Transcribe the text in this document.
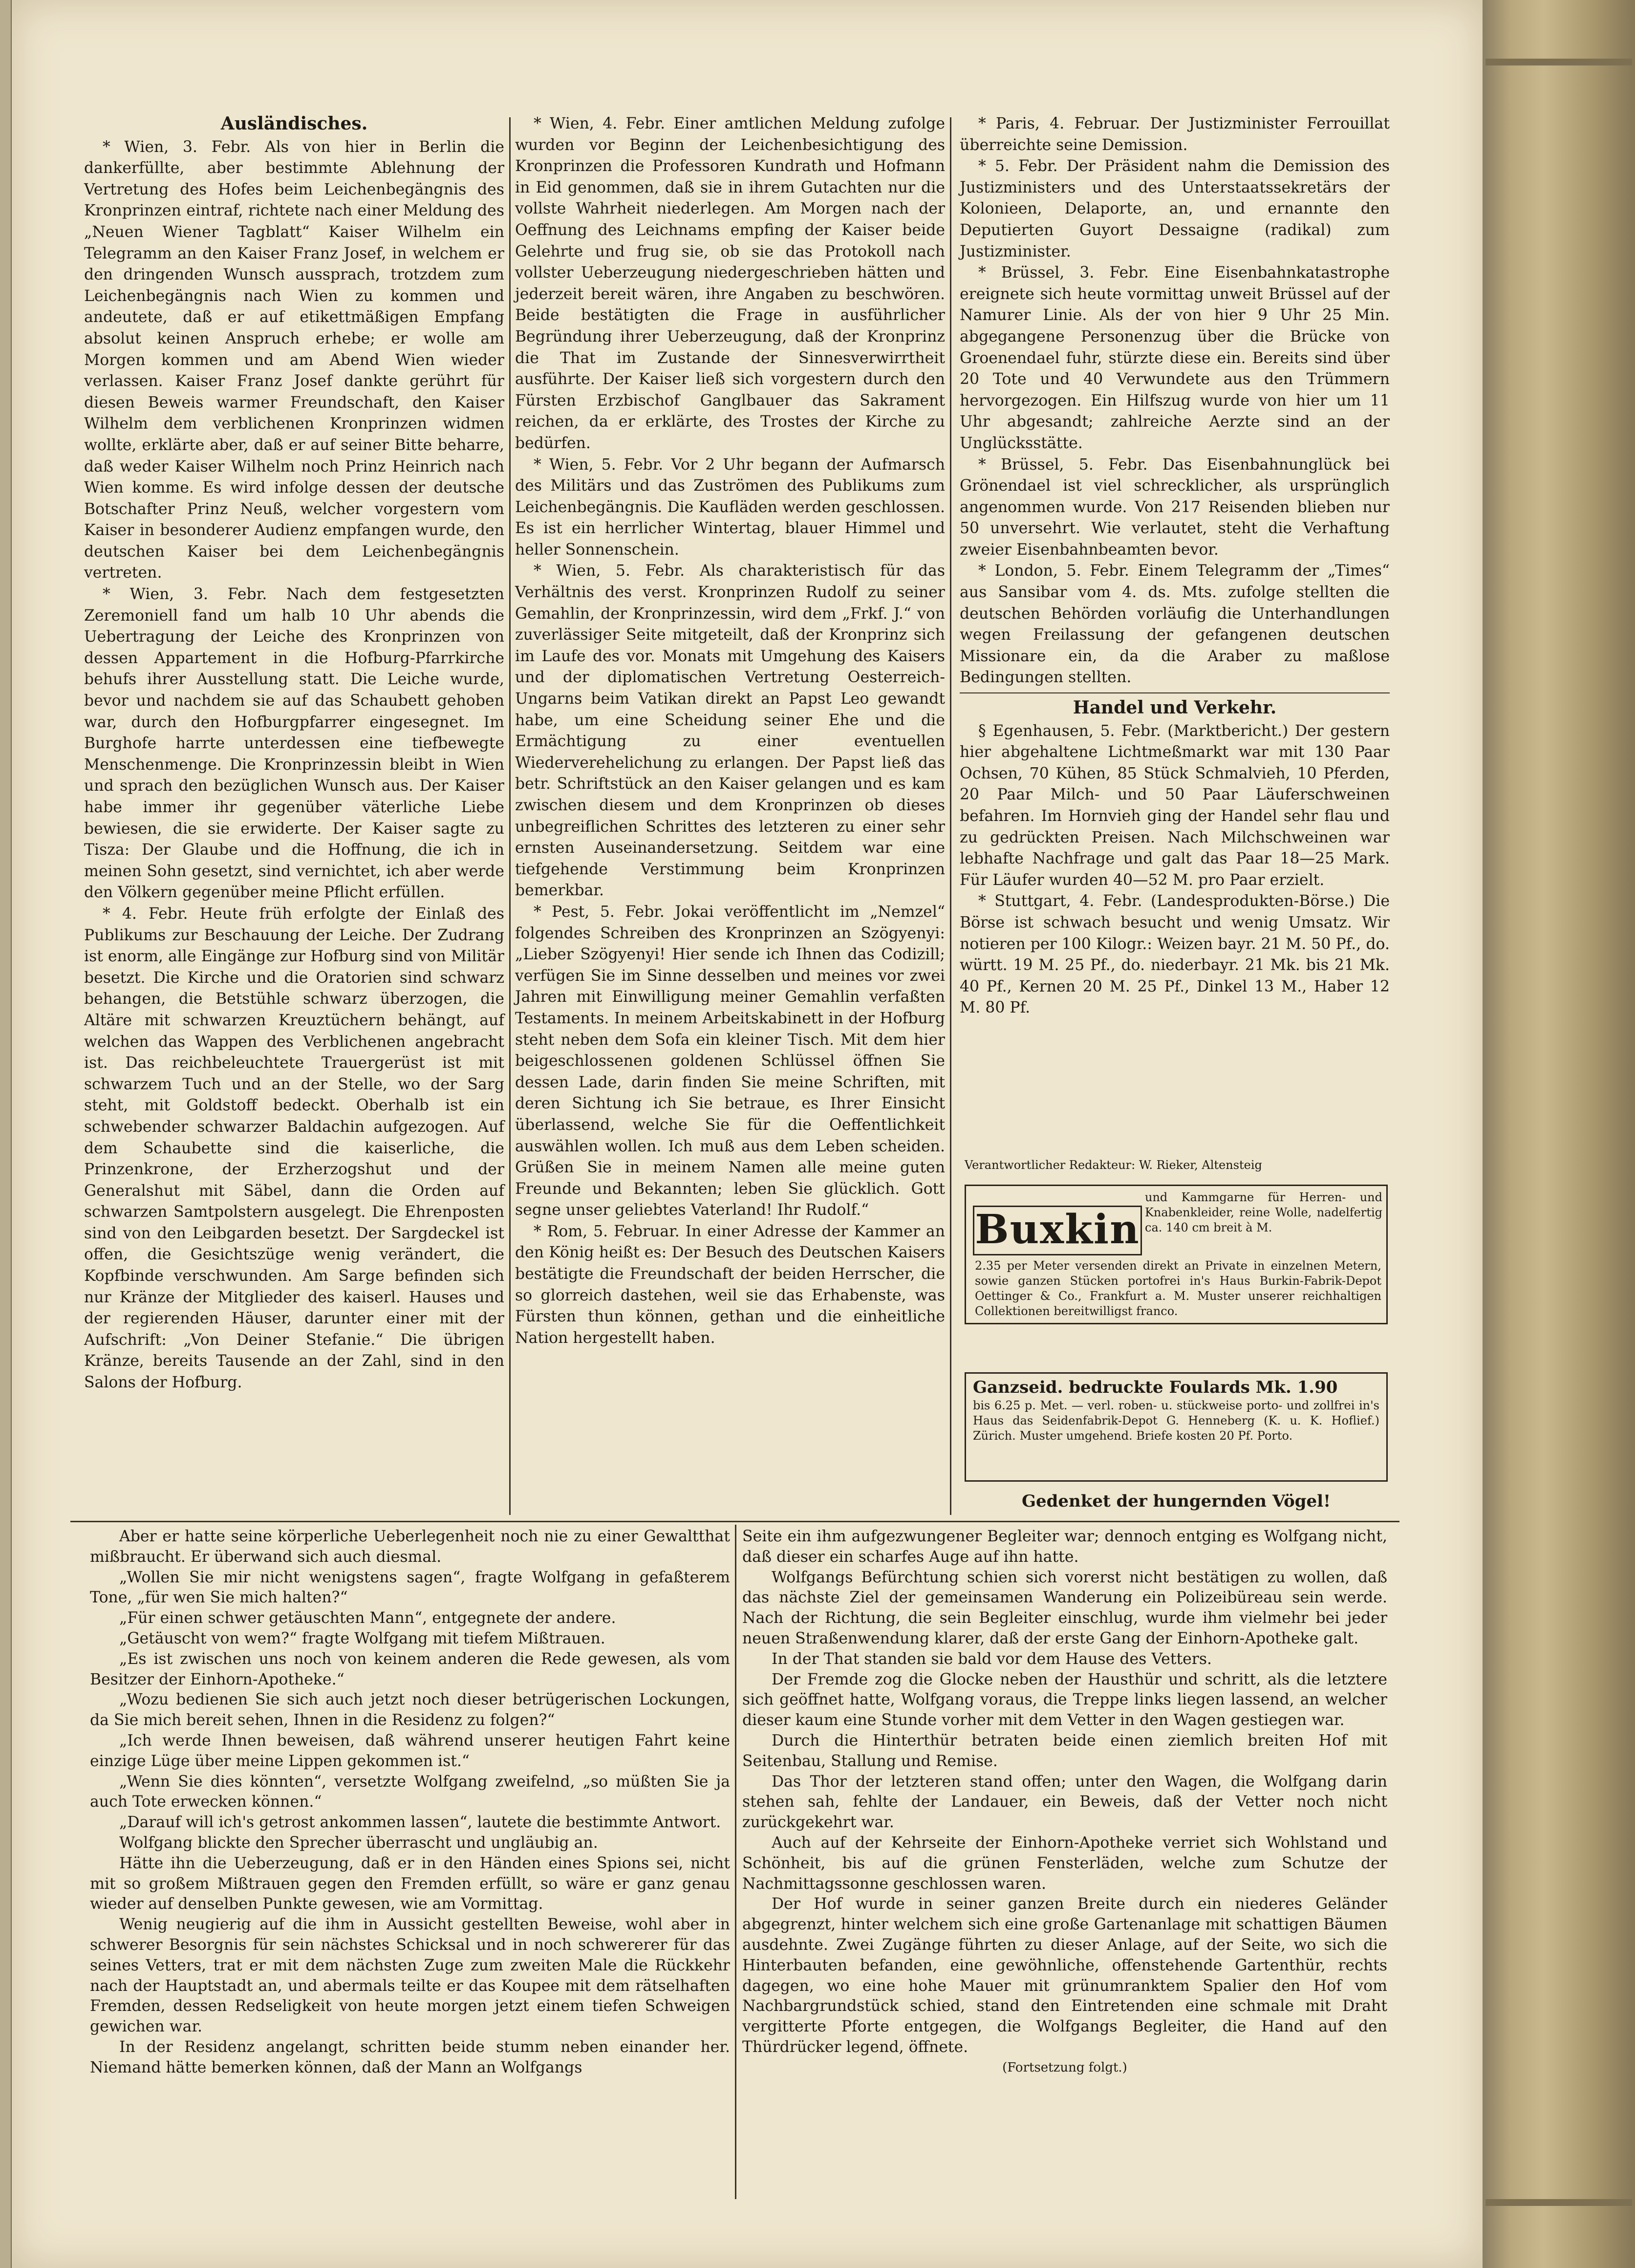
Ausländisches.

* Wien, 3. Febr. Als von hier in Berlin die dankerfüllte, aber bestimmte Ablehnung der Vertretung des Hofes beim Leichenbegängnis des Kronprinzen eintraf, richtete nach einer Meldung des „Neuen Wiener Tagblatt“ Kaiser Wilhelm ein Telegramm an den Kaiser Franz Josef, in welchem er den dringenden Wunsch aussprach, trotzdem zum Leichenbegängnis nach Wien zu kommen und andeutete, daß er auf etikettmäßigen Empfang absolut keinen Anspruch erhebe; er wolle am Morgen kommen und am Abend Wien wieder verlassen. Kaiser Franz Josef dankte gerührt für diesen Beweis warmer Freundschaft, den Kaiser Wilhelm dem verblichenen Kronprinzen widmen wollte, erklärte aber, daß er auf seiner Bitte beharre, daß weder Kaiser Wilhelm noch Prinz Heinrich nach Wien komme. Es wird infolge dessen der deutsche Botschafter Prinz Neuß, welcher vorgestern vom Kaiser in besonderer Audienz empfangen wurde, den deutschen Kaiser bei dem Leichenbegängnis vertreten.

* Wien, 3. Febr. Nach dem festgesetzten Zeremoniell fand um halb 10 Uhr abends die Uebertragung der Leiche des Kronprinzen von dessen Appartement in die Hofburg-Pfarrkirche behufs ihrer Ausstellung statt. Die Leiche wurde, bevor und nachdem sie auf das Schaubett gehoben war, durch den Hofburgpfarrer eingesegnet. Im Burghofe harrte unterdessen eine tiefbewegte Menschenmenge. Die Kronprinzessin bleibt in Wien und sprach den bezüglichen Wunsch aus. Der Kaiser habe immer ihr gegenüber väterliche Liebe bewiesen, die sie erwiderte. Der Kaiser sagte zu Tisza: Der Glaube und die Hoffnung, die ich in meinen Sohn gesetzt, sind vernichtet, ich aber werde den Völkern gegenüber meine Pflicht erfüllen.

* 4. Febr. Heute früh erfolgte der Einlaß des Publikums zur Beschauung der Leiche. Der Zudrang ist enorm, alle Eingänge zur Hofburg sind von Militär besetzt. Die Kirche und die Oratorien sind schwarz behangen, die Betstühle schwarz überzogen, die Altäre mit schwarzen Kreuztüchern behängt, auf welchen das Wappen des Verblichenen angebracht ist. Das reichbeleuchtete Trauergerüst ist mit schwarzem Tuch und an der Stelle, wo der Sarg steht, mit Goldstoff bedeckt. Oberhalb ist ein schwebender schwarzer Baldachin aufgezogen. Auf dem Schaubette sind die kaiserliche, die Prinzenkrone, der Erzherzogshut und der Generalshut mit Säbel, dann die Orden auf schwarzen Samtpolstern ausgelegt. Die Ehrenposten sind von den Leibgarden besetzt. Der Sargdeckel ist offen, die Gesichtszüge wenig verändert, die Kopfbinde verschwunden. Am Sarge befinden sich nur Kränze der Mitglieder des kaiserl. Hauses und der regierenden Häuser, darunter einer mit der Aufschrift: „Von Deiner Stefanie.“ Die übrigen Kränze, bereits Tausende an der Zahl, sind in den Salons der Hofburg.

* Wien, 4. Febr. Einer amtlichen Meldung zufolge wurden vor Beginn der Leichenbesichtigung des Kronprinzen die Professoren Kundrath und Hofmann in Eid genommen, daß sie in ihrem Gutachten nur die vollste Wahrheit niederlegen. Am Morgen nach der Oeffnung des Leichnams empfing der Kaiser beide Gelehrte und frug sie, ob sie das Protokoll nach vollster Ueberzeugung niedergeschrieben hätten und jederzeit bereit wären, ihre Angaben zu beschwören. Beide bestätigten die Frage in ausführlicher Begründung ihrer Ueberzeugung, daß der Kronprinz die That im Zustande der Sinnesverwirrtheit ausführte. Der Kaiser ließ sich vorgestern durch den Fürsten Erzbischof Ganglbauer das Sakrament reichen, da er erklärte, des Trostes der Kirche zu bedürfen.

* Wien, 5. Febr. Vor 2 Uhr begann der Aufmarsch des Militärs und das Zuströmen des Publikums zum Leichenbegängnis. Die Kaufläden werden geschlossen. Es ist ein herrlicher Wintertag, blauer Himmel und heller Sonnenschein.

* Wien, 5. Febr. Als charakteristisch für das Verhältnis des verst. Kronprinzen Rudolf zu seiner Gemahlin, der Kronprinzessin, wird dem „Frkf. J.“ von zuverlässiger Seite mitgeteilt, daß der Kronprinz sich im Laufe des vor. Monats mit Umgehung des Kaisers und der diplomatischen Vertretung Oesterreich-Ungarns beim Vatikan direkt an Papst Leo gewandt habe, um eine Scheidung seiner Ehe und die Ermächtigung zu einer eventuellen Wiederverehelichung zu erlangen. Der Papst ließ das betr. Schriftstück an den Kaiser gelangen und es kam zwischen diesem und dem Kronprinzen ob dieses unbegreiflichen Schrittes des letzteren zu einer sehr ernsten Auseinandersetzung. Seitdem war eine tiefgehende Verstimmung beim Kronprinzen bemerkbar.

* Pest, 5. Febr. Jokai veröffentlicht im „Nemzel“ folgendes Schreiben des Kronprinzen an Szögyenyi: „Lieber Szögyenyi! Hier sende ich Ihnen das Codizill; verfügen Sie im Sinne desselben und meines vor zwei Jahren mit Einwilligung meiner Gemahlin verfaßten Testaments. In meinem Arbeitskabinett in der Hofburg steht neben dem Sofa ein kleiner Tisch. Mit dem hier beigeschlossenen goldenen Schlüssel öffnen Sie dessen Lade, darin finden Sie meine Schriften, mit deren Sichtung ich Sie betraue, es Ihrer Einsicht überlassend, welche Sie für die Oeffentlichkeit auswählen wollen. Ich muß aus dem Leben scheiden. Grüßen Sie in meinem Namen alle meine guten Freunde und Bekannten; leben Sie glücklich. Gott segne unser geliebtes Vaterland! Ihr Rudolf.“

* Rom, 5. Februar. In einer Adresse der Kammer an den König heißt es: Der Besuch des Deutschen Kaisers bestätigte die Freundschaft der beiden Herrscher, die so glorreich dastehen, weil sie das Erhabenste, was Fürsten thun können, gethan und die einheitliche Nation hergestellt haben.

* Paris, 4. Februar. Der Justizminister Ferrouillat überreichte seine Demission.

* 5. Febr. Der Präsident nahm die Demission des Justizministers und des Unterstaatssekretärs der Kolonieen, Delaporte, an, und ernannte den Deputierten Guyort Dessaigne (radikal) zum Justizminister.

* Brüssel, 3. Febr. Eine Eisenbahnkatastrophe ereignete sich heute vormittag unweit Brüssel auf der Namurer Linie. Als der von hier 9 Uhr 25 Min. abgegangene Personenzug über die Brücke von Groenendael fuhr, stürzte diese ein. Bereits sind über 20 Tote und 40 Verwundete aus den Trümmern hervorgezogen. Ein Hilfszug wurde von hier um 11 Uhr abgesandt; zahlreiche Aerzte sind an der Unglücksstätte.

* Brüssel, 5. Febr. Das Eisenbahnunglück bei Grönendael ist viel schrecklicher, als ursprünglich angenommen wurde. Von 217 Reisenden blieben nur 50 unversehrt. Wie verlautet, steht die Verhaftung zweier Eisenbahnbeamten bevor.

* London, 5. Febr. Einem Telegramm der „Times“ aus Sansibar vom 4. ds. Mts. zufolge stellten die deutschen Behörden vorläufig die Unterhandlungen wegen Freilassung der gefangenen deutschen Missionare ein, da die Araber zu maßlose Bedingungen stellten.

Handel und Verkehr.

§ Egenhausen, 5. Febr. (Marktbericht.) Der gestern hier abgehaltene Lichtmeßmarkt war mit 130 Paar Ochsen, 70 Kühen, 85 Stück Schmalvieh, 10 Pferden, 20 Paar Milch- und 50 Paar Läuferschweinen befahren. Im Hornvieh ging der Handel sehr flau und zu gedrückten Preisen. Nach Milchschweinen war lebhafte Nachfrage und galt das Paar 18—25 Mark. Für Läufer wurden 40—52 M. pro Paar erzielt.

* Stuttgart, 4. Febr. (Landesprodukten-Börse.) Die Börse ist schwach besucht und wenig Umsatz. Wir notieren per 100 Kilogr.: Weizen bayr. 21 M. 50 Pf., do. württ. 19 M. 25 Pf., do. niederbayr. 21 Mk. bis 21 Mk. 40 Pf., Kernen 20 M. 25 Pf., Dinkel 13 M., Haber 12 M. 80 Pf.

Verantwortlicher Redakteur: W. Rieker, Altensteig
Buxkin
und Kammgarne für Herren- und Knabenkleider, reine Wolle, nadelfertig ca. 140 cm breit à M.
2.35 per Meter versenden direkt an Private in einzelnen Metern, sowie ganzen Stücken portofrei in's Haus Burkin-Fabrik-Depot Oettinger & Co., Frankfurt a. M. Muster unserer reichhaltigen Collektionen bereitwilligst franco.
Ganzseid. bedruckte Foulards Mk. 1.90
bis 6.25 p. Met. — verl. roben- u. stückweise porto- und zollfrei in's Haus das Seidenfabrik-Depot G. Henneberg (K. u. K. Hoflief.) Zürich. Muster umgehend. Briefe kosten 20 Pf. Porto.
Gedenket der hungernden Vögel!

Aber er hatte seine körperliche Ueberlegenheit noch nie zu einer Gewaltthat mißbraucht. Er überwand sich auch diesmal.

„Wollen Sie mir nicht wenigstens sagen“, fragte Wolfgang in gefaßterem Tone, „für wen Sie mich halten?“

„Für einen schwer getäuschten Mann“, entgegnete der andere.

„Getäuscht von wem?“ fragte Wolfgang mit tiefem Mißtrauen.

„Es ist zwischen uns noch von keinem anderen die Rede gewesen, als vom Besitzer der Einhorn-Apotheke.“

„Wozu bedienen Sie sich auch jetzt noch dieser betrügerischen Lockungen, da Sie mich bereit sehen, Ihnen in die Residenz zu folgen?“

„Ich werde Ihnen beweisen, daß während unserer heutigen Fahrt keine einzige Lüge über meine Lippen gekommen ist.“

„Wenn Sie dies könnten“, versetzte Wolfgang zweifelnd, „so müßten Sie ja auch Tote erwecken können.“

„Darauf will ich's getrost ankommen lassen“, lautete die bestimmte Antwort.

Wolfgang blickte den Sprecher überrascht und ungläubig an.

Hätte ihn die Ueberzeugung, daß er in den Händen eines Spions sei, nicht mit so großem Mißtrauen gegen den Fremden erfüllt, so wäre er ganz genau wieder auf denselben Punkte gewesen, wie am Vormittag.

Wenig neugierig auf die ihm in Aussicht gestellten Beweise, wohl aber in schwerer Besorgnis für sein nächstes Schicksal und in noch schwererer für das seines Vetters, trat er mit dem nächsten Zuge zum zweiten Male die Rückkehr nach der Hauptstadt an, und abermals teilte er das Koupee mit dem rätselhaften Fremden, dessen Redseligkeit von heute morgen jetzt einem tiefen Schweigen gewichen war.

In der Residenz angelangt, schritten beide stumm neben einander her. Niemand hätte bemerken können, daß der Mann an Wolfgangs

Seite ein ihm aufgezwungener Begleiter war; dennoch entging es Wolfgang nicht, daß dieser ein scharfes Auge auf ihn hatte.

Wolfgangs Befürchtung schien sich vorerst nicht bestätigen zu wollen, daß das nächste Ziel der gemeinsamen Wanderung ein Polizeibüreau sein werde. Nach der Richtung, die sein Begleiter einschlug, wurde ihm vielmehr bei jeder neuen Straßenwendung klarer, daß der erste Gang der Einhorn-Apotheke galt.

In der That standen sie bald vor dem Hause des Vetters.

Der Fremde zog die Glocke neben der Hausthür und schritt, als die letztere sich geöffnet hatte, Wolfgang voraus, die Treppe links liegen lassend, an welcher dieser kaum eine Stunde vorher mit dem Vetter in den Wagen gestiegen war.

Durch die Hinterthür betraten beide einen ziemlich breiten Hof mit Seitenbau, Stallung und Remise.

Das Thor der letzteren stand offen; unter den Wagen, die Wolfgang darin stehen sah, fehlte der Landauer, ein Beweis, daß der Vetter noch nicht zurückgekehrt war.

Auch auf der Kehrseite der Einhorn-Apotheke verriet sich Wohlstand und Schönheit, bis auf die grünen Fensterläden, welche zum Schutze der Nachmittagssonne geschlossen waren.

Der Hof wurde in seiner ganzen Breite durch ein niederes Geländer abgegrenzt, hinter welchem sich eine große Gartenanlage mit schattigen Bäumen ausdehnte. Zwei Zugänge führten zu dieser Anlage, auf der Seite, wo sich die Hinterbauten befanden, eine gewöhnliche, offenstehende Gartenthür, rechts dagegen, wo eine hohe Mauer mit grünumranktem Spalier den Hof vom Nachbargrundstück schied, stand den Eintretenden eine schmale mit Draht vergitterte Pforte entgegen, die Wolfgangs Begleiter, die Hand auf den Thürdrücker legend, öffnete.

(Fortsetzung folgt.)
